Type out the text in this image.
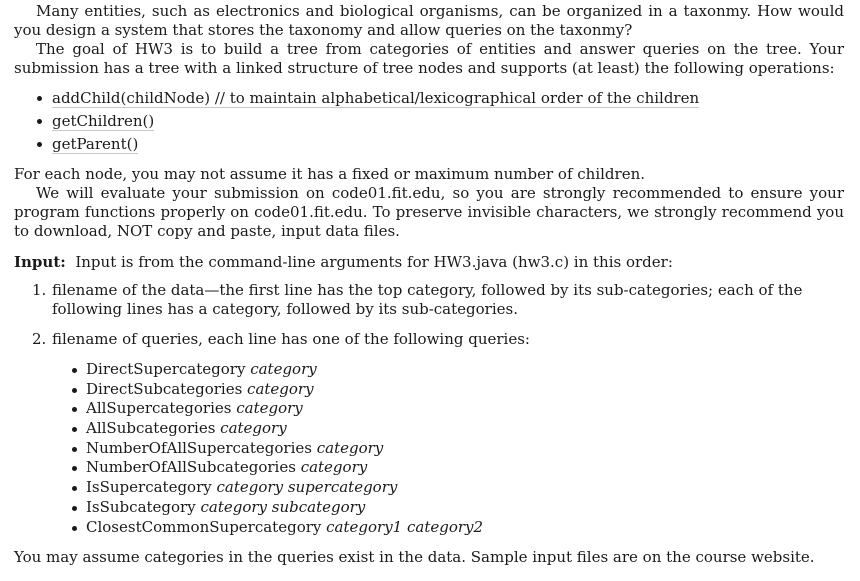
Many entities, such as electronics and biological organisms, can be organized in a taxonmy. How would you design a system that stores the taxonomy and allow queries on the taxonmy?

The goal of HW3 is to build a tree from categories of entities and answer queries on the tree. Your submission has a tree with a linked structure of tree nodes and supports (at least) the following operations:

addChild(childNode) // to maintain alphabetical/lexicographical order of the children
getChildren()
getParent()

For each node, you may not assume it has a fixed or maximum number of children.

We will evaluate your submission on code01.fit.edu, so you are strongly recommended to ensure your program functions properly on code01.fit.edu. To preserve invisible characters, we strongly recommend you to download, NOT copy and paste, input data files.

Input: Input is from the command-line arguments for HW3.java (hw3.c) in this order:

1. filename of the data—the first line has the top category, followed by its sub-categories; each of the following lines has a category, followed by its sub-categories.
2. filename of queries, each line has one of the following queries:
DirectSupercategory category
DirectSubcategories category
AllSupercategories category
AllSubcategories category
NumberOfAllSupercategories category
NumberOfAllSubcategories category
IsSupercategory category supercategory
IsSubcategory category subcategory
ClosestCommonSupercategory category1 category2

You may assume categories in the queries exist in the data. Sample input files are on the course website.
